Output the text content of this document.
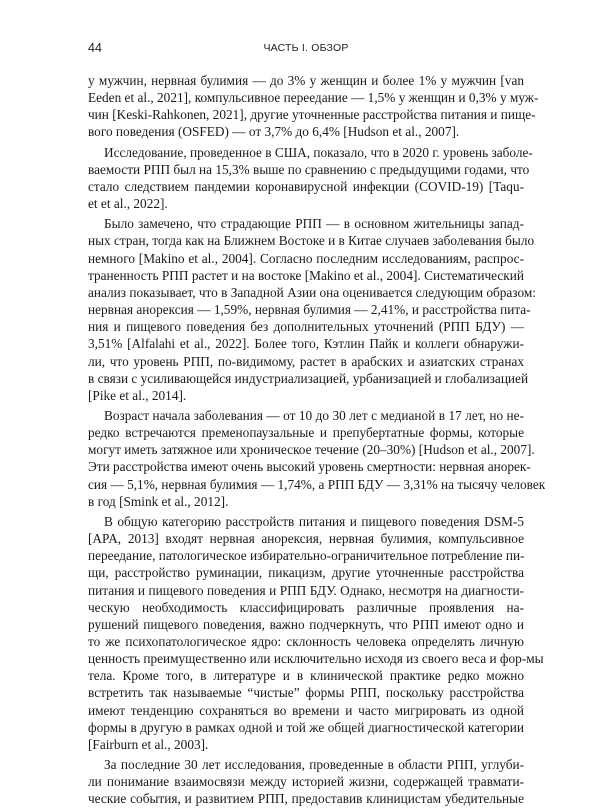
44	ЧАСТЬ I. ОБЗОР
у мужчин, нервная булимия — до 3% у женщин и более 1% у мужчин [van
Eeden et al., 2021], компульсивное переедание — 1,5% у женщин и 0,3% у муж-
чин [Keski-Rahkonen, 2021], другие уточненные расстройства питания и пище-
вого поведения (OSFED) — от 3,7% до 6,4% [Hudson et al., 2007].
Исследование, проведенное в США, показало, что в 2020 г. уровень заболе-
ваемости РПП был на 15,3% выше по сравнению с предыдущими годами, что
стало следствием пандемии коронавирусной инфекции (COVID-19) [Taqu-
et et al., 2022].
Было замечено, что страдающие РПП — в основном жительницы запад-
ных стран, тогда как на Ближнем Востоке и в Китае случаев заболевания было
немного [Makino et al., 2004]. Согласно последним исследованиям, распрос-
траненность РПП растет и на востоке [Makino et al., 2004]. Систематический
анализ показывает, что в Западной Азии она оценивается следующим образом:
нервная анорексия — 1,59%, нервная булимия — 2,41%, и расстройства пита-
ния и пищевого поведения без дополнительных уточнений (РПП БДУ) —
3,51% [Alfalahi et al., 2022]. Более того, Кэтлин Пайк и коллеги обнаружи-
ли, что уровень РПП, по-видимому, растет в арабских и азиатских странах
в связи с усиливающейся индустриализацией, урбанизацией и глобализацией
[Pike et al., 2014].
Возраст начала заболевания — от 10 до 30 лет с медианой в 17 лет, но не-
редко встречаются пременопаузальные и препубертатные формы, которые
могут иметь затяжное или хроническое течение (20–30%) [Hudson et al., 2007].
Эти расстройства имеют очень высокий уровень смертности: нервная анорек-
сия — 5,1%, нервная булимия — 1,74%, а РПП БДУ — 3,31% на тысячу человек
в год [Smink et al., 2012].
В общую категорию расстройств питания и пищевого поведения DSM-5
[APA, 2013] входят нервная анорексия, нервная булимия, компульсивное
переедание, патологическое избирательно-ограничительное потребление пи-
щи, расстройство руминации, пикацизм, другие уточненные расстройства
питания и пищевого поведения и РПП БДУ. Однако, несмотря на диагности-
ческую необходимость классифицировать различные проявления на-
рушений пищевого поведения, важно подчеркнуть, что РПП имеют одно и
то же психопатологическое ядро: склонность человека определять личную
ценность преимущественно или исключительно исходя из своего веса и фор-мы
тела. Кроме того, в литературе и в клинической практике редко можно
встретить так называемые “чистые” формы РПП, поскольку расстройства
имеют тенденцию сохраняться во времени и часто мигрировать из одной
формы в другую в рамках одной и той же общей диагностической категории
[Fairburn et al., 2003].
За последние 30 лет исследования, проведенные в области РПП, углуби-
ли понимание взаимосвязи между историей жизни, содержащей травмати-
ческие события, и развитием РПП, предоставив клиницистам убедительные
